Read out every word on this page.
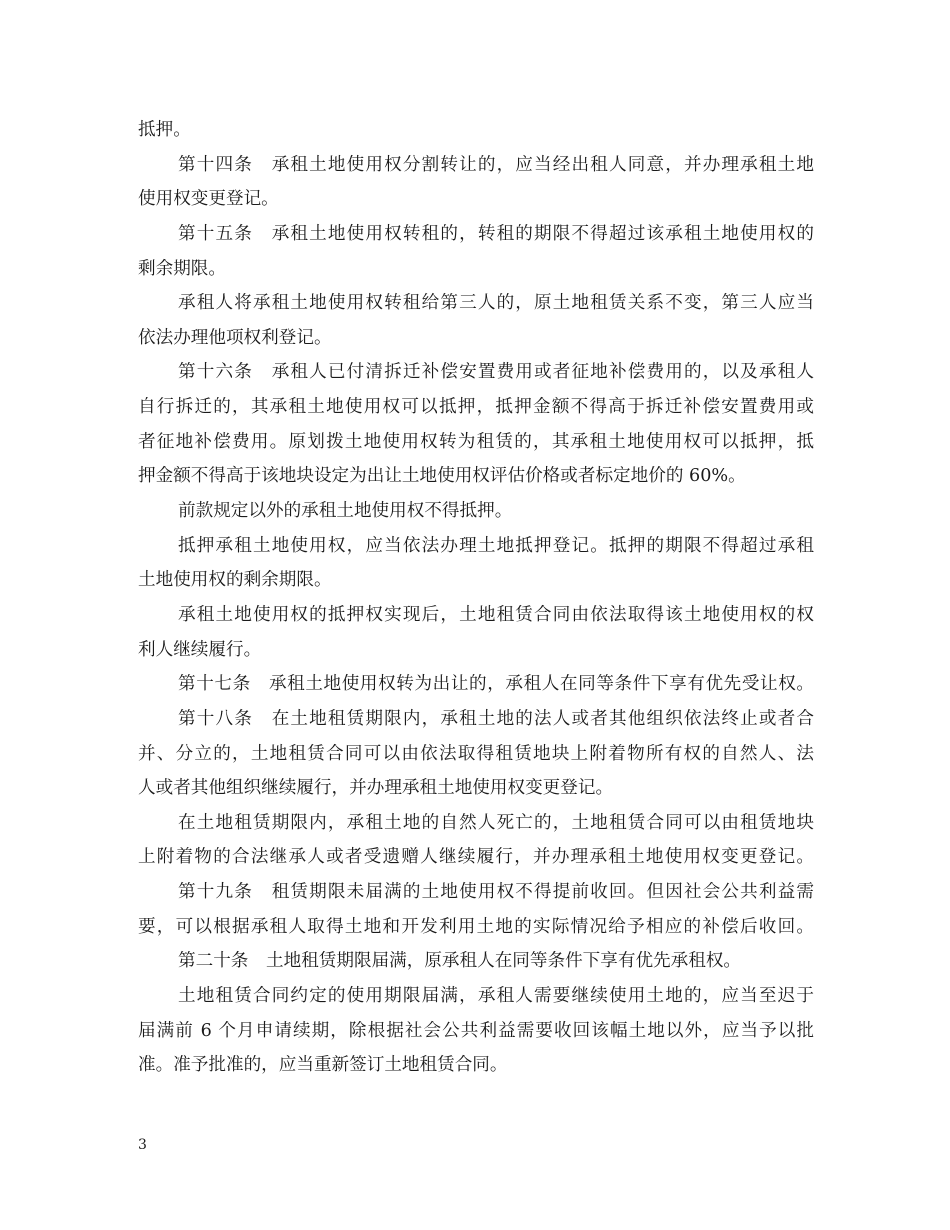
抵押。
第十四条　承租土地使用权分割转让的，应当经出租人同意，并办理承租土地
使用权变更登记。
第十五条　承租土地使用权转租的，转租的期限不得超过该承租土地使用权的
剩余期限。
承租人将承租土地使用权转租给第三人的，原土地租赁关系不变，第三人应当
依法办理他项权利登记。
第十六条　承租人已付清拆迁补偿安置费用或者征地补偿费用的，以及承租人
自行拆迁的，其承租土地使用权可以抵押，抵押金额不得高于拆迁补偿安置费用或
者征地补偿费用。原划拨土地使用权转为租赁的，其承租土地使用权可以抵押，抵
押金额不得高于该地块设定为出让土地使用权评估价格或者标定地价的 60%。
前款规定以外的承租土地使用权不得抵押。
抵押承租土地使用权，应当依法办理土地抵押登记。抵押的期限不得超过承租
土地使用权的剩余期限。
承租土地使用权的抵押权实现后，土地租赁合同由依法取得该土地使用权的权
利人继续履行。
第十七条　承租土地使用权转为出让的，承租人在同等条件下享有优先受让权。
第十八条　在土地租赁期限内，承租土地的法人或者其他组织依法终止或者合
并、分立的，土地租赁合同可以由依法取得租赁地块上附着物所有权的自然人、法
人或者其他组织继续履行，并办理承租土地使用权变更登记。
在土地租赁期限内，承租土地的自然人死亡的，土地租赁合同可以由租赁地块
上附着物的合法继承人或者受遗赠人继续履行，并办理承租土地使用权变更登记。
第十九条　租赁期限未届满的土地使用权不得提前收回。但因社会公共利益需
要，可以根据承租人取得土地和开发利用土地的实际情况给予相应的补偿后收回。
第二十条　土地租赁期限届满，原承租人在同等条件下享有优先承租权。
土地租赁合同约定的使用期限届满，承租人需要继续使用土地的，应当至迟于
届满前 6 个月申请续期，除根据社会公共利益需要收回该幅土地以外，应当予以批
准。准予批准的，应当重新签订土地租赁合同。
3
